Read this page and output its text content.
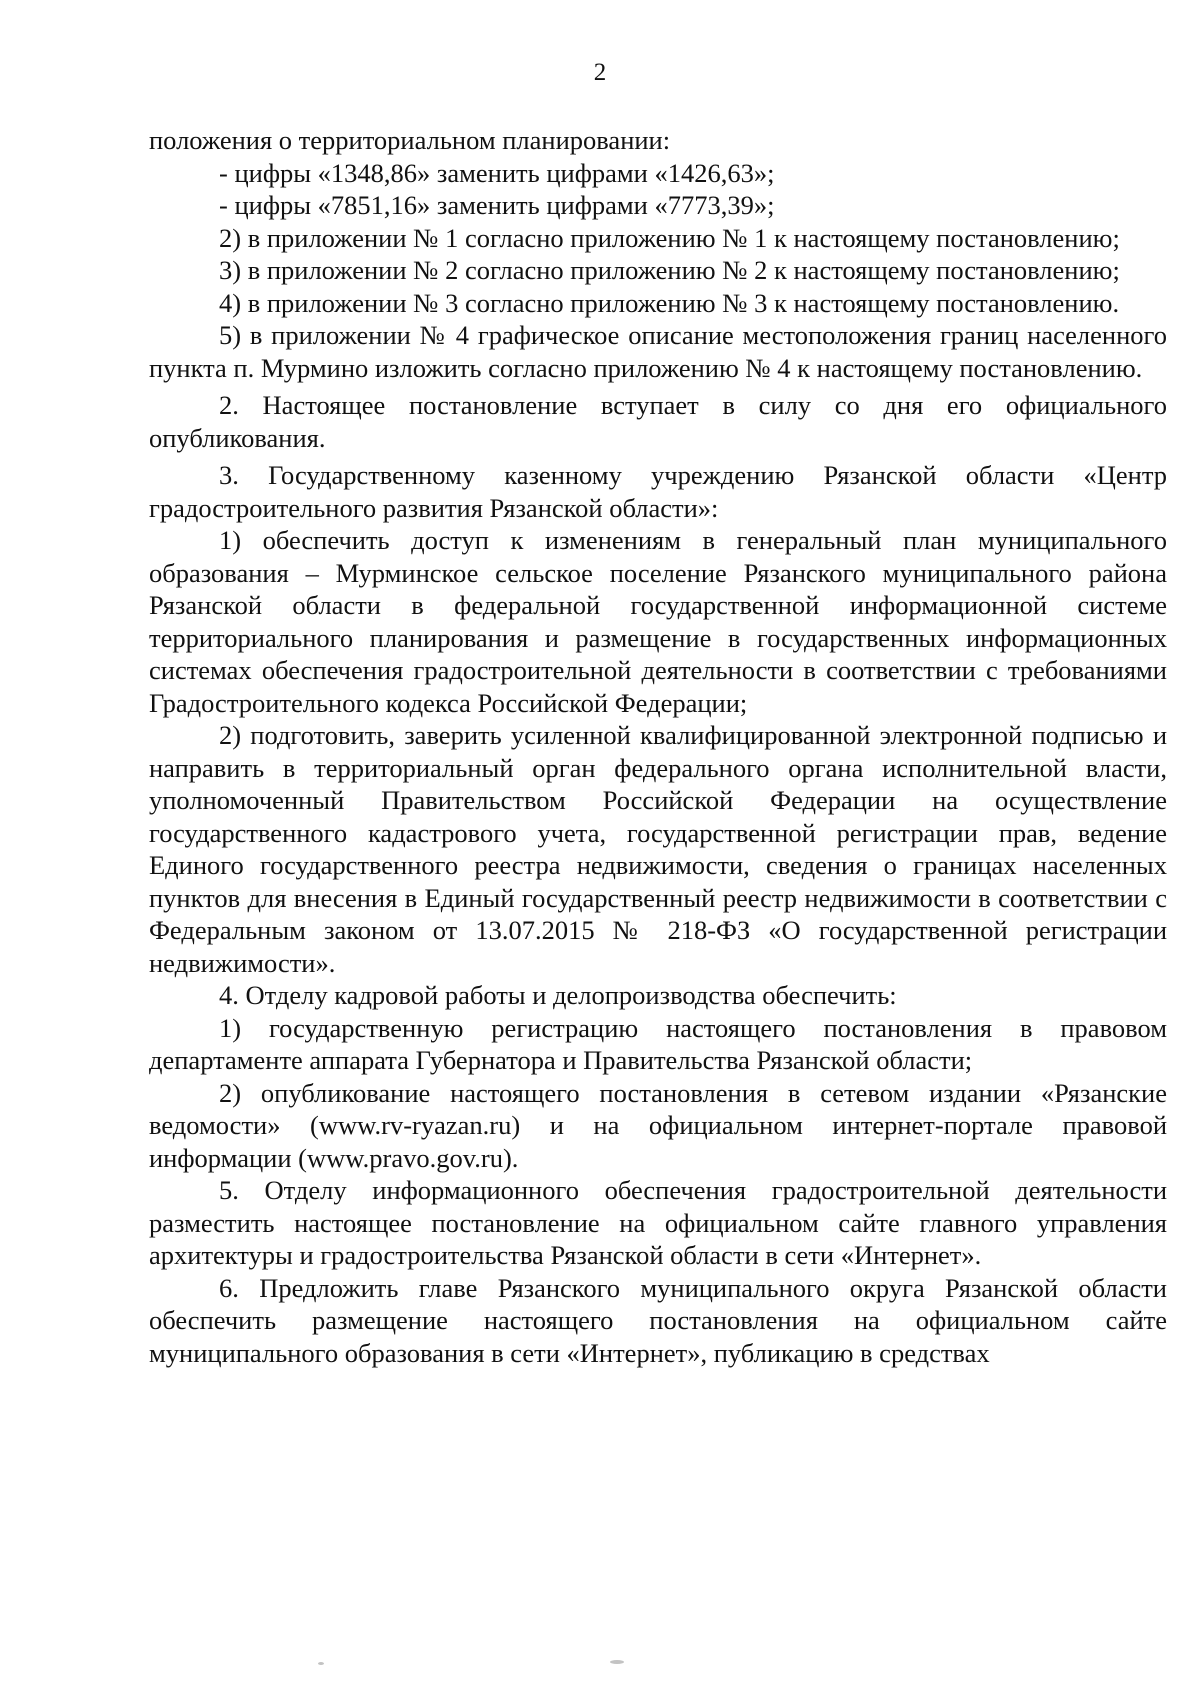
2

положения о территориальном планировании:

- цифры «1348,86» заменить цифрами «1426,63»;

- цифры «7851,16» заменить цифрами «7773,39»;

2) в приложении № 1 согласно приложению № 1 к настоящему постановлению;

3) в приложении № 2 согласно приложению № 2 к настоящему постановлению;

4) в приложении № 3 согласно приложению № 3 к настоящему постановлению.

5) в приложении № 4 графическое описание местоположения границ населенного пункта п. Мурмино изложить согласно приложению № 4 к настоящему постановлению.

2. Настоящее постановление вступает в силу со дня его официального опубликования.

3. Государственному казенному учреждению Рязанской области «Центр градостроительного развития Рязанской области»:

1) обеспечить доступ к изменениям в генеральный план муниципального образования – Мурминское сельское поселение Рязанского муниципального района Рязанской области в федеральной государственной информационной системе территориального планирования и размещение в государственных информационных системах обеспечения градостроительной деятельности в соответствии с требованиями Градостроительного кодекса Российской Федерации;

2) подготовить, заверить усиленной квалифицированной электронной подписью и направить в территориальный орган федерального органа исполнительной власти, уполномоченный Правительством Российской Федерации на осуществление государственного кадастрового учета, государственной регистрации прав, ведение Единого государственного реестра недвижимости, сведения о границах населенных пунктов для внесения в Единый государственный реестр недвижимости в соответствии с Федеральным законом от 13.07.2015 № 218-ФЗ «О государственной регистрации недвижимости».

4. Отделу кадровой работы и делопроизводства обеспечить:

1) государственную регистрацию настоящего постановления в правовом департаменте аппарата Губернатора и Правительства Рязанской области;

2) опубликование настоящего постановления в сетевом издании «Рязанские ведомости» (www.rv-ryazan.ru) и на официальном интернет-портале правовой информации (www.pravo.gov.ru).

5. Отделу информационного обеспечения градостроительной деятельности разместить настоящее постановление на официальном сайте главного управления архитектуры и градостроительства Рязанской области в сети «Интернет».

6. Предложить главе Рязанского муниципального округа Рязанской области обеспечить размещение настоящего постановления на официальном сайте муниципального образования в сети «Интернет», публикацию в средствах
